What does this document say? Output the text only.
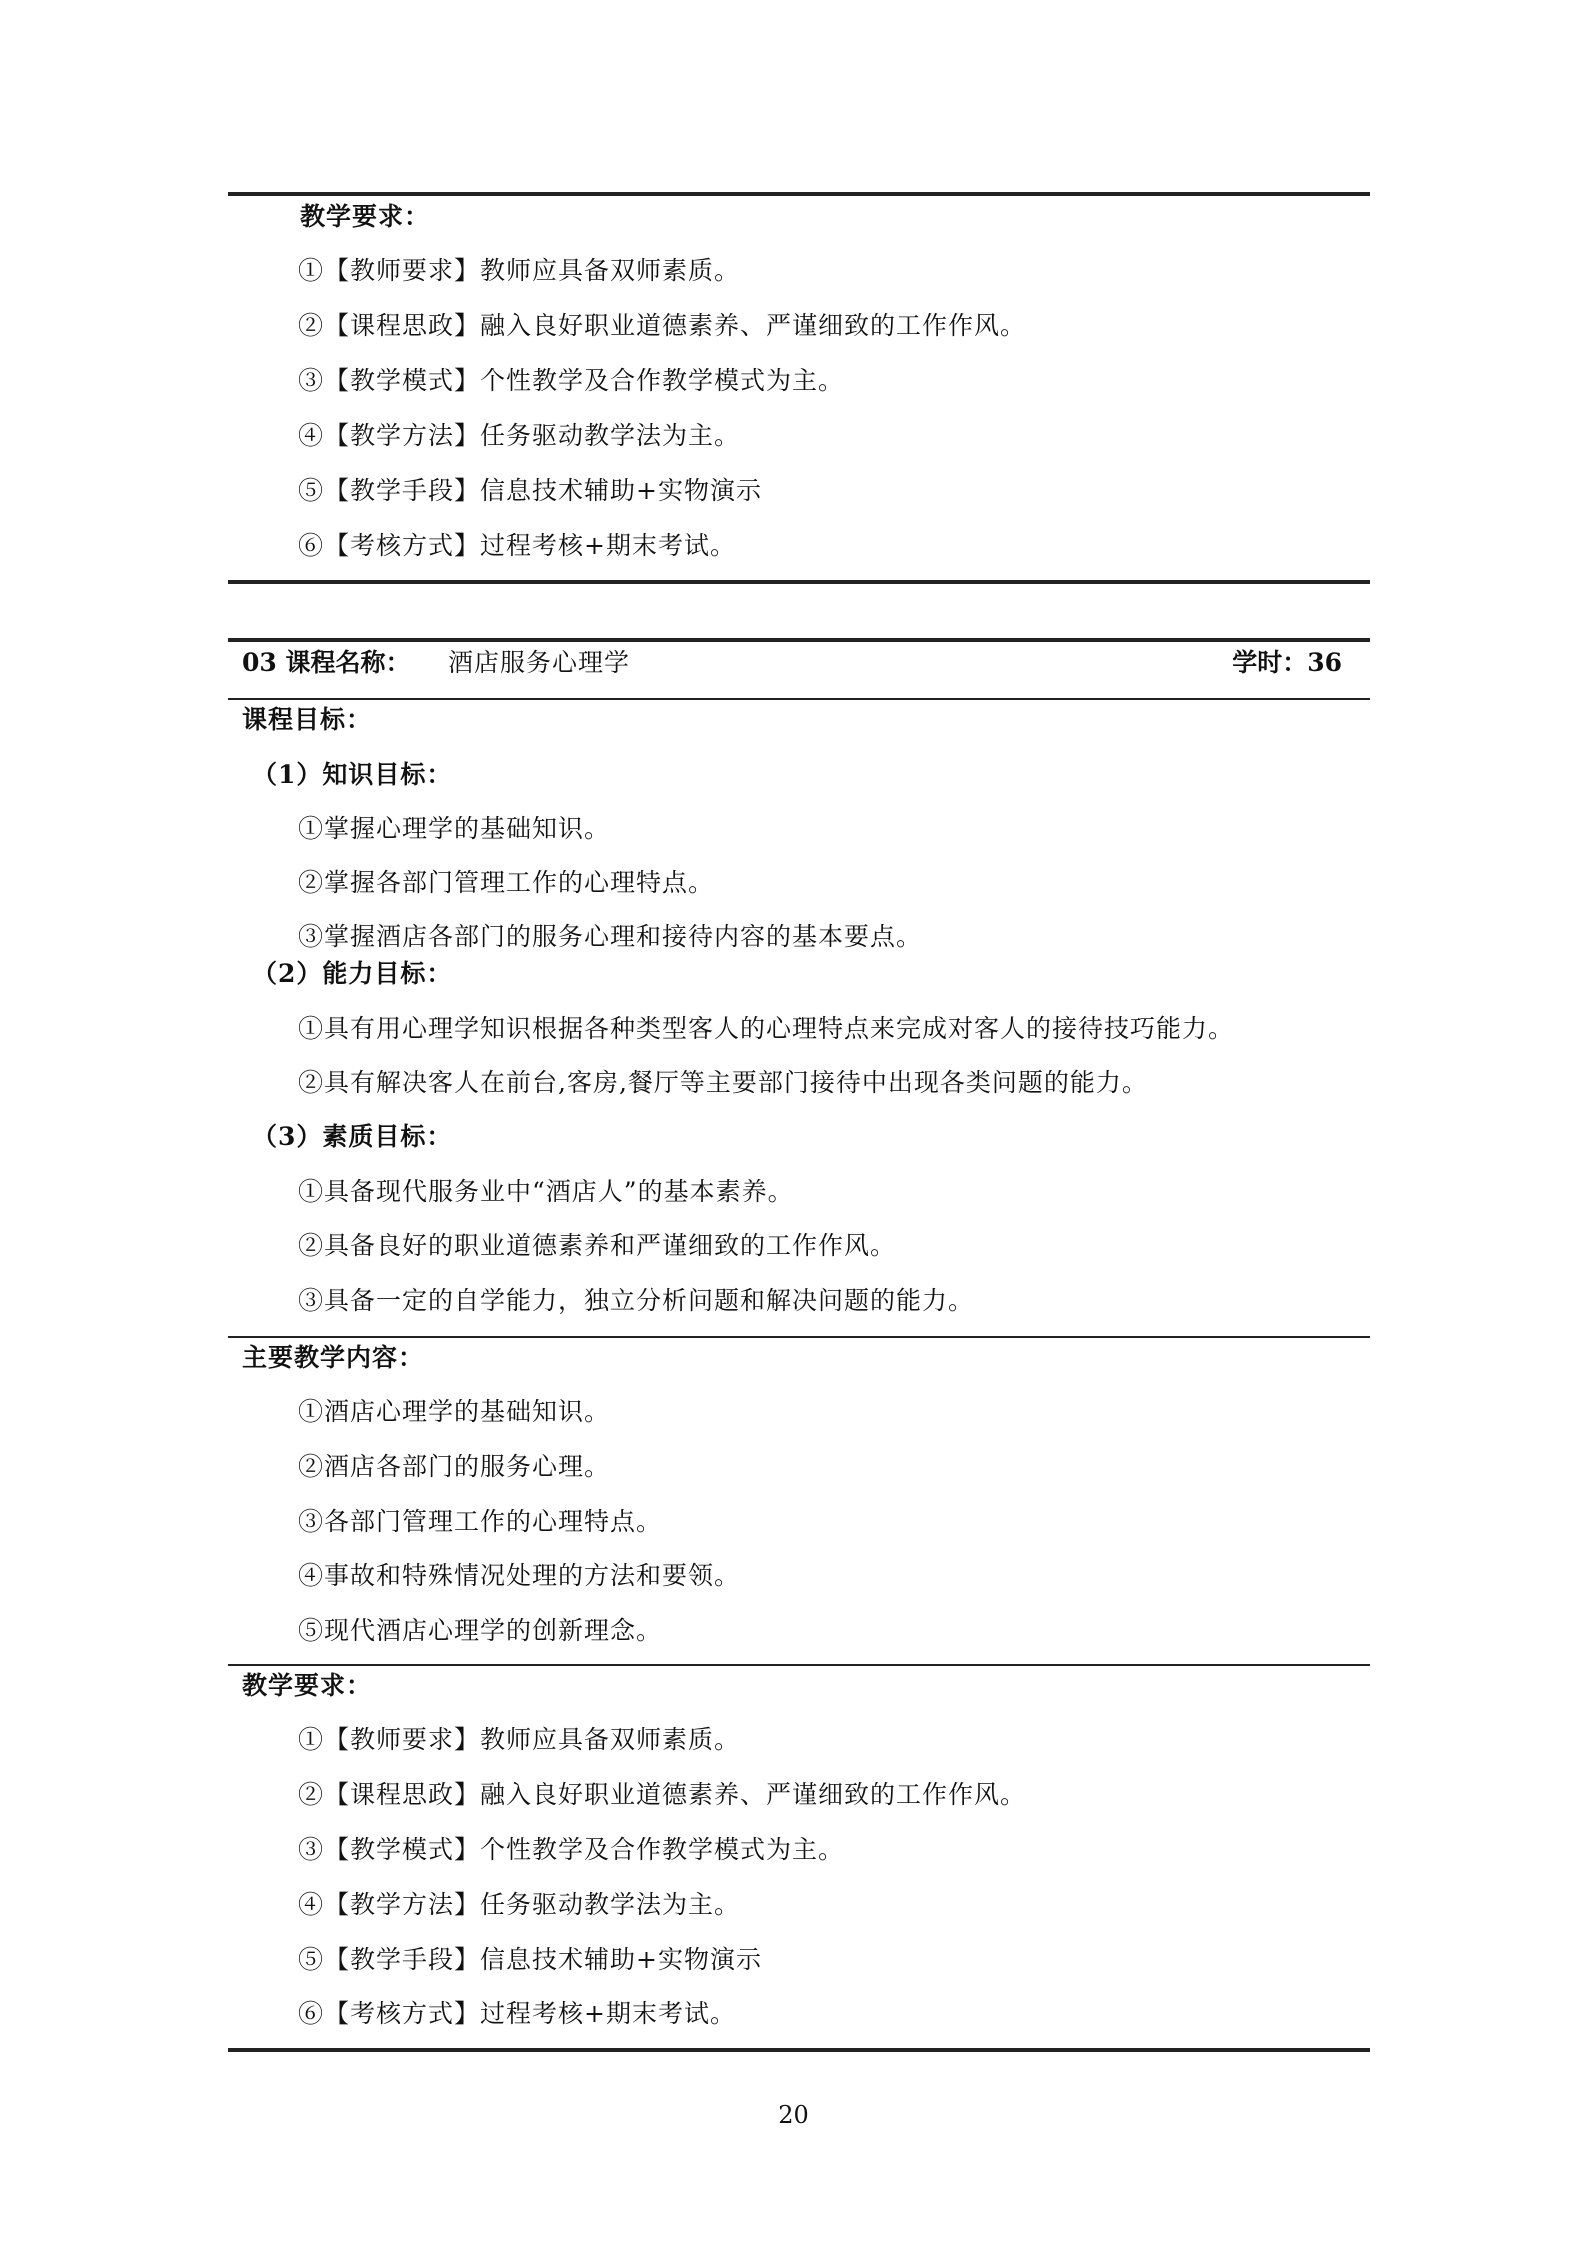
教学要求：
①【教师要求】教师应具备双师素质。
②【课程思政】融入良好职业道德素养、严谨细致的工作作风。
③【教学模式】个性教学及合作教学模式为主。
④【教学方法】任务驱动教学法为主。
⑤【教学手段】信息技术辅助+实物演示
⑥【考核方式】过程考核+期末考试。
03 课程名称： 酒店服务心理学	学时：36
课程目标：
（1）知识目标：
①掌握心理学的基础知识。
②掌握各部门管理工作的心理特点。
③掌握酒店各部门的服务心理和接待内容的基本要点。
（2）能力目标：
①具有用心理学知识根据各种类型客人的心理特点来完成对客人的接待技巧能力。
②具有解决客人在前台,客房,餐厅等主要部门接待中出现各类问题的能力。
（3）素质目标：
①具备现代服务业中“酒店人”的基本素养。
②具备良好的职业道德素养和严谨细致的工作作风。
③具备一定的自学能力，独立分析问题和解决问题的能力。
主要教学内容：
①酒店心理学的基础知识。
②酒店各部门的服务心理。
③各部门管理工作的心理特点。
④事故和特殊情况处理的方法和要领。
⑤现代酒店心理学的创新理念。
教学要求：
①【教师要求】教师应具备双师素质。
②【课程思政】融入良好职业道德素养、严谨细致的工作作风。
③【教学模式】个性教学及合作教学模式为主。
④【教学方法】任务驱动教学法为主。
⑤【教学手段】信息技术辅助+实物演示
⑥【考核方式】过程考核+期末考试。
20
